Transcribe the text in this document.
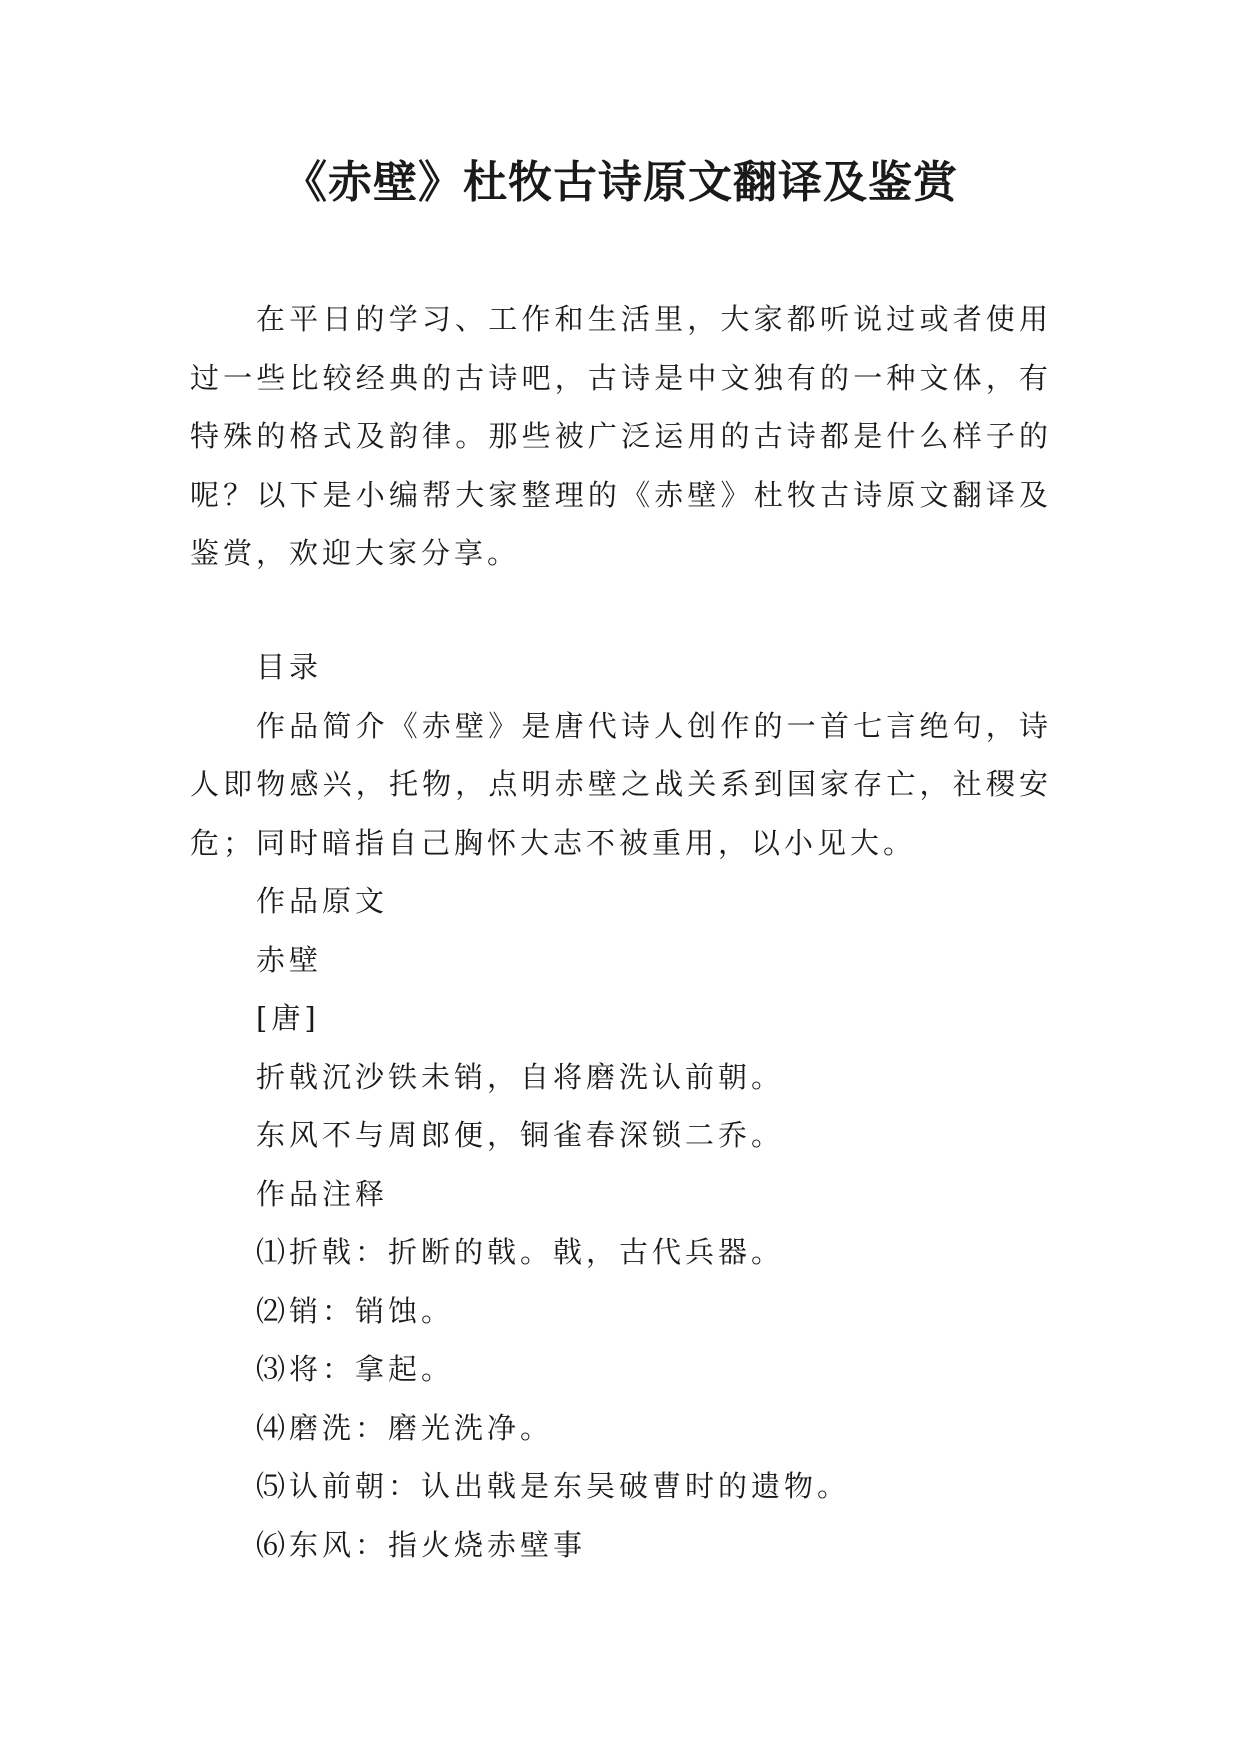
《赤壁》杜牧古诗原文翻译及鉴赏

在平日的学习、工作和生活里，大家都听说过或者使用过一些比较经典的古诗吧，古诗是中文独有的一种文体，有特殊的格式及韵律。那些被广泛运用的古诗都是什么样子的呢？以下是小编帮大家整理的《赤壁》杜牧古诗原文翻译及鉴赏，欢迎大家分享。

目录

作品简介《赤壁》是唐代诗人创作的一首七言绝句，诗人即物感兴，托物，点明赤壁之战关系到国家存亡，社稷安危；同时暗指自己胸怀大志不被重用，以小见大。

作品原文

赤壁

[唐]

折戟沉沙铁未销，自将磨洗认前朝。

东风不与周郎便，铜雀春深锁二乔。

作品注释

⑴折戟：折断的戟。戟，古代兵器。

⑵销：销蚀。

⑶将：拿起。

⑷磨洗：磨光洗净。

⑸认前朝：认出戟是东吴破曹时的遗物。

⑹东风：指火烧赤壁事
